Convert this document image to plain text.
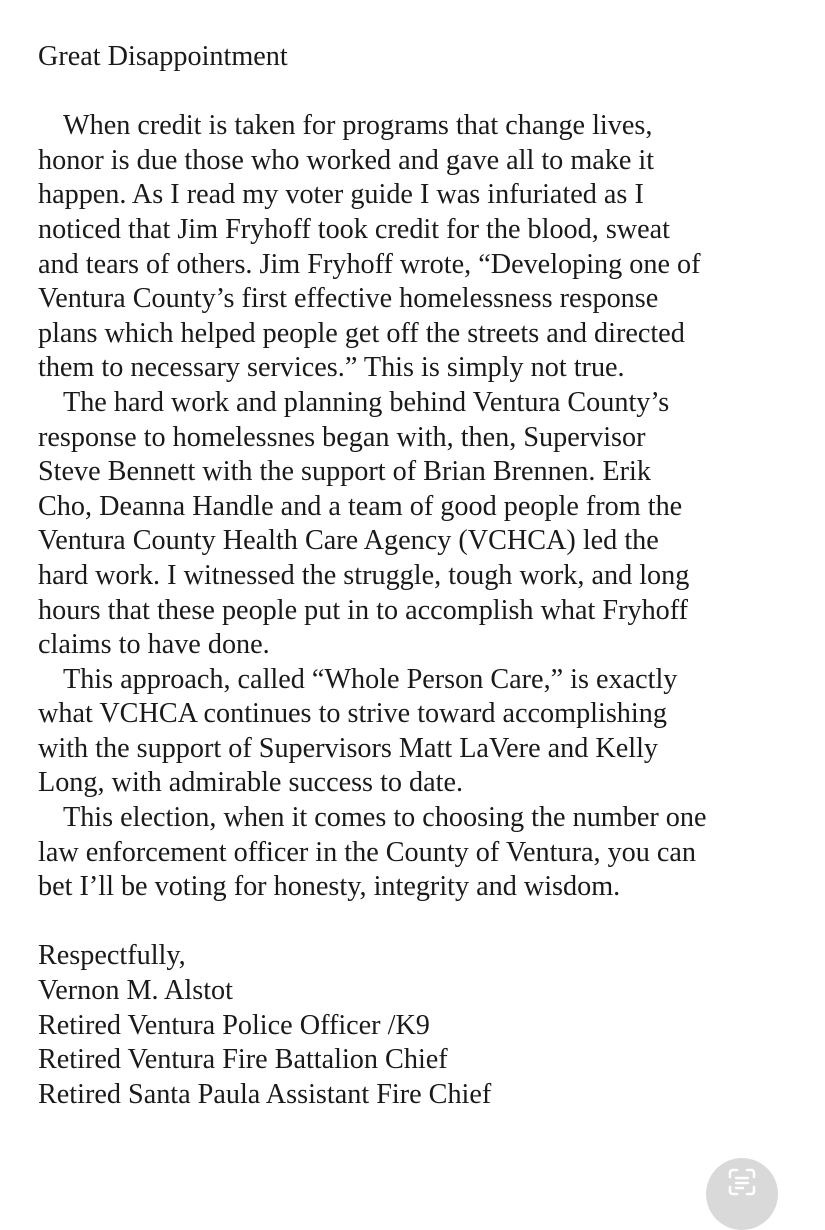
Great Disappointment
When credit is taken for programs that change lives,
honor is due those who worked and gave all to make it
happen. As I read my voter guide I was infuriated as I
noticed that Jim Fryhoff took credit for the blood, sweat
and tears of others. Jim Fryhoff wrote, “Developing one of
Ventura County’s first effective homelessness response
plans which helped people get off the streets and directed
them to necessary services.” This is simply not true.
The hard work and planning behind Ventura County’s
response to homelessnes began with, then, Supervisor
Steve Bennett with the support of Brian Brennen. Erik
Cho, Deanna Handle and a team of good people from the
Ventura County Health Care Agency (VCHCA) led the
hard work. I witnessed the struggle, tough work, and long
hours that these people put in to accomplish what Fryhoff
claims to have done.
This approach, called “Whole Person Care,” is exactly
what VCHCA continues to strive toward accomplishing
with the support of Supervisors Matt LaVere and Kelly
Long, with admirable success to date.
This election, when it comes to choosing the number one
law enforcement officer in the County of Ventura, you can
bet I’ll be voting for honesty, integrity and wisdom.
Respectfully,
Vernon M. Alstot
Retired Ventura Police Officer /K9
Retired Ventura Fire Battalion Chief
Retired Santa Paula Assistant Fire Chief
